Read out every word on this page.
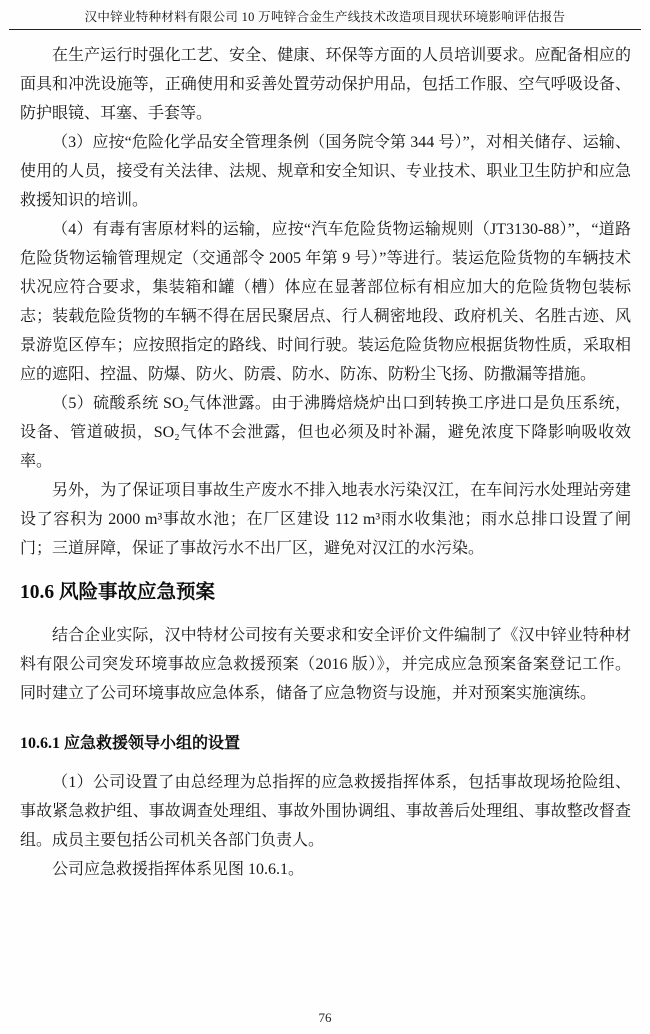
汉中锌业特种材料有限公司 10 万吨锌合金生产线技术改造项目现状环境影响评估报告

在生产运行时强化工艺、安全、健康、环保等方面的人员培训要求。应配备相应的面具和冲洗设施等，正确使用和妥善处置劳动保护用品，包括工作服、空气呼吸设备、防护眼镜、耳塞、手套等。

（3）应按“危险化学品安全管理条例（国务院令第 344 号）”，对相关储存、运输、使用的人员，接受有关法律、法规、规章和安全知识、专业技术、职业卫生防护和应急救援知识的培训。

（4）有毒有害原材料的运输，应按“汽车危险货物运输规则（JT3130-88）”，“道路危险货物运输管理规定（交通部令 2005 年第 9 号）”等进行。装运危险货物的车辆技术状况应符合要求，集装箱和罐（槽）体应在显著部位标有相应加大的危险货物包装标志；装载危险货物的车辆不得在居民聚居点、行人稠密地段、政府机关、名胜古迹、风景游览区停车；应按照指定的路线、时间行驶。装运危险货物应根据货物性质，采取相应的遮阳、控温、防爆、防火、防震、防水、防冻、防粉尘飞扬、防撒漏等措施。

（5）硫酸系统 SO₂气体泄露。由于沸腾焙烧炉出口到转换工序进口是负压系统，设备、管道破损，SO₂气体不会泄露，但也必须及时补漏，避免浓度下降影响吸收效率。

另外，为了保证项目事故生产废水不排入地表水污染汉江，在车间污水处理站旁建设了容积为 2000 m³事故水池；在厂区建设 112 m³雨水收集池；雨水总排口设置了闸门；三道屏障，保证了事故污水不出厂区，避免对汉江的水污染。

10.6 风险事故应急预案

结合企业实际，汉中特材公司按有关要求和安全评价文件编制了《汉中锌业特种材料有限公司突发环境事故应急救援预案（2016 版）》，并完成应急预案备案登记工作。同时建立了公司环境事故应急体系，储备了应急物资与设施，并对预案实施演练。

10.6.1 应急救援领导小组的设置

（1）公司设置了由总经理为总指挥的应急救援指挥体系，包括事故现场抢险组、事故紧急救护组、事故调查处理组、事故外围协调组、事故善后处理组、事故整改督查组。成员主要包括公司机关各部门负责人。

公司应急救援指挥体系见图 10.6.1。

76
